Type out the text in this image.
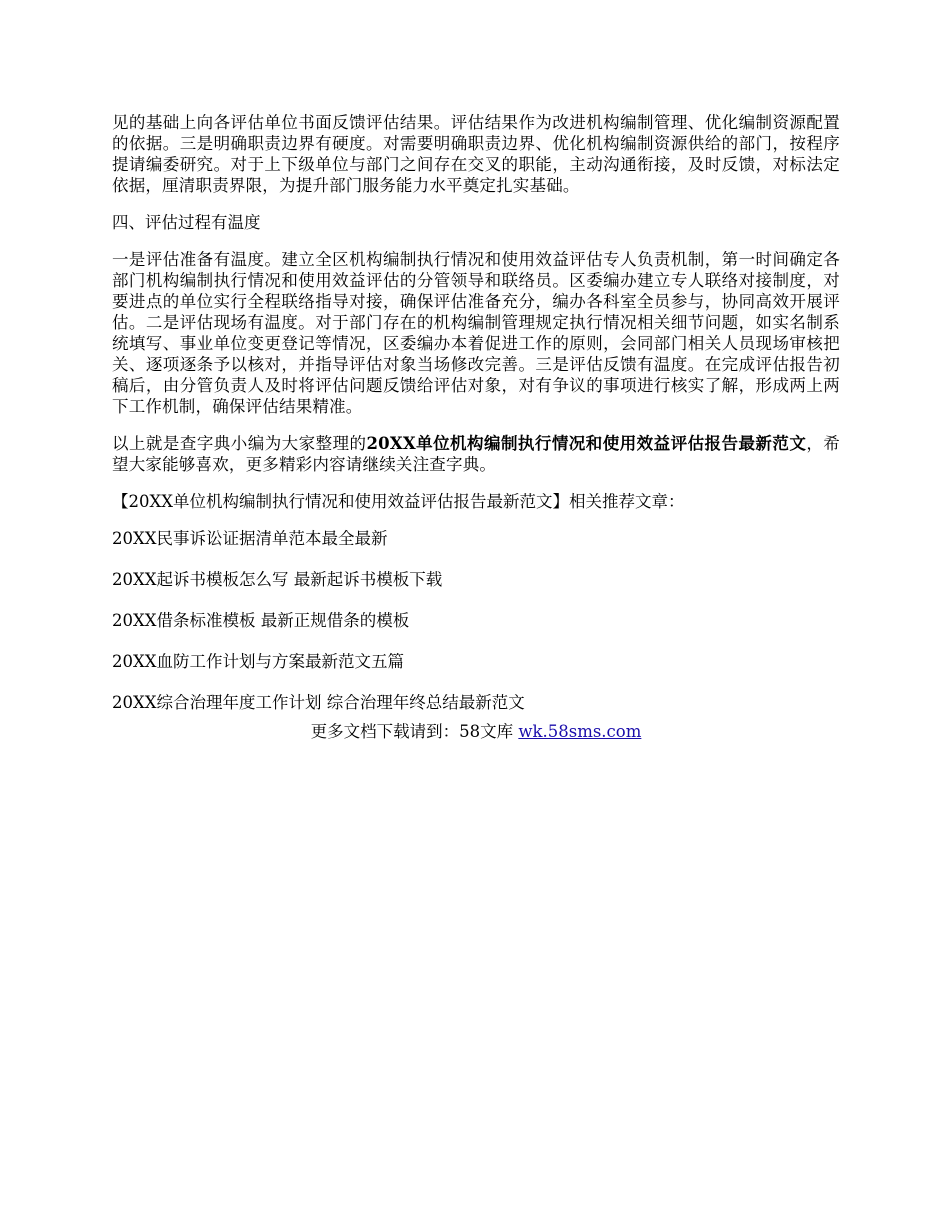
见的基础上向各评估单位书面反馈评估结果。评估结果作为改进机构编制管理、优化编制资源配置的依据。三是明确职责边界有硬度。对需要明确职责边界、优化机构编制资源供给的部门，按程序提请编委研究。对于上下级单位与部门之间存在交叉的职能，主动沟通衔接，及时反馈，对标法定依据，厘清职责界限，为提升部门服务能力水平奠定扎实基础。

四、评估过程有温度

一是评估准备有温度。建立全区机构编制执行情况和使用效益评估专人负责机制，第一时间确定各部门机构编制执行情况和使用效益评估的分管领导和联络员。区委编办建立专人联络对接制度，对要进点的单位实行全程联络指导对接，确保评估准备充分，编办各科室全员参与，协同高效开展评估。二是评估现场有温度。对于部门存在的机构编制管理规定执行情况相关细节问题，如实名制系统填写、事业单位变更登记等情况，区委编办本着促进工作的原则，会同部门相关人员现场审核把关、逐项逐条予以核对，并指导评估对象当场修改完善。三是评估反馈有温度。在完成评估报告初稿后，由分管负责人及时将评估问题反馈给评估对象，对有争议的事项进行核实了解，形成两上两下工作机制，确保评估结果精准。

以上就是查字典小编为大家整理的20XX单位机构编制执行情况和使用效益评估报告最新范文，希望大家能够喜欢，更多精彩内容请继续关注查字典。

【20XX单位机构编制执行情况和使用效益评估报告最新范文】相关推荐文章：

20XX民事诉讼证据清单范本最全最新
20XX起诉书模板怎么写 最新起诉书模板下载
20XX借条标准模板 最新正规借条的模板
20XX血防工作计划与方案最新范文五篇
20XX综合治理年度工作计划 综合治理年终总结最新范文

更多文档下载请到：58文库 wk.58sms.com
